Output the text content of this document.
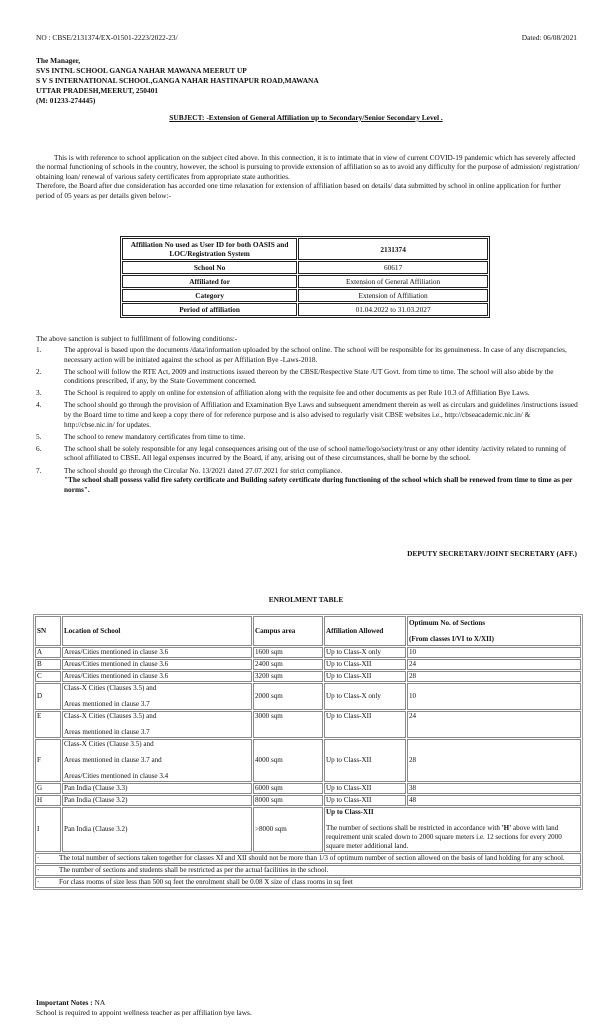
NO : CBSE/2131374/EX-01501-2223/2022-23/	Dated: 06/08/2021
The Manager,
SVS INTNL SCHOOL GANGA NAHAR MAWANA MEERUT UP
S V S INTERNATIONAL SCHOOL,GANGA NAHAR HASTINAPUR ROAD,MAWANA
UTTAR PRADESH,MEERUT, 250401
(M: 01233-274445)
SUBJECT: -Extension of General Affiliation up to Secondary/Senior Secondary Level .
This is with reference to school application on the subject cited above. In this connection, it is to intimate that in view of current COVID-19 pandemic which has severely affected the normal functioning of schools in the country, however, the school is pursuing to provide extension of affiliation so as to avoid any difficulty for the purpose of admission/ registration/ obtaining loan/ renewal of various safety certificates from appropriate state authorities.
Therefore, the Board after due consideration has accorded one time relaxation for extension of affiliation based on details/ data submitted by school in online application for further period of 05 years as per details given below:-
Affiliation No used as User ID for both OASIS and LOC/Registration System	2131374
School No	60617
Affiliated for	Extension of General Affiliation
Category	Extension of Affiliation
Period of affiliation	01.04.2022 to 31.03.2027
The above sanction is subject to fulfillment of following conditions:-
1.	The approval is based upon the documents /data/information uploaded by the school online. The school will be responsible for its genuineness. In case of any discrepancies, necessary action will be initiated against the school as per Affiliation Bye -Laws-2018.
2.	The school will follow the RTE Act, 2009 and instructions issued thereon by the CBSE/Respective State /UT Govt. from time to time. The school will also abide by the conditions prescribed, if any, by the State Government concerned.
3.	The School is required to apply on online for extension of affiliation along with the requisite fee and other documents as per Rule 10.3 of Affiliation Bye Laws.
4.	The school should go through the provision of Affiliation and Examination Bye Laws and subsequent amendment therein as well as circulars and guidelines /instructions issued by the Board time to time and keep a copy there of for reference purpose and is also advised to regularly visit CBSE websites i.e., http://cbseacademic.nic.in/ & http://cbse.nic.in/ for updates.
5.	The school to renew mandatory certificates from time to time.
6.	The school shall be solely responsible for any legal consequences arising out of the use of school name/logo/society/trust or any other identity /activity related to running of school affiliated to CBSE. All legal expenses incurred by the Board, if any, arising out of these circumstances, shall be borne by the school.
7.	The school should go through the Circular No. 13/2021 dated 27.07.2021 for strict compliance.
"The school shall possess valid fire safety certificate and Building safety certificate during functioning of the school which shall be renewed from time to time as per norms".
DEPUTY SECRETARY/JOINT SECRETARY (AFF.)
ENROLMENT TABLE
SN	Location of School	Campus area	Affiliation Allowed	Optimum No. of Sections
(From classes I/VI to X/XII)

A	Areas/Cities mentioned in clause 3.6	1600 sqm	Up to Class-X only	10
B	Areas/Cities mentioned in clause 3.6	2400 sqm	Up to Class-XII	24
C	Areas/Cities mentioned in clause 3.6	3200 sqm	Up to Class-XII	28
D	Class-X Cities (Clauses 3.5) and
Areas mentioned in clause 3.7	2000 sqm	Up to Class-X only	10
E	Class-X Cities (Clauses 3.5) and
Areas mentioned in clause 3.7	3000 sqm	Up to Class-XII	24
F	Class-X Cities (Clause 3.5) and
Areas mentioned in clause 3.7 and
Areas/Cities mentioned in clause 3.4	4000 sqm	Up to Class-XII	28
G	Pan India (Clause 3.3)	6000 sqm	Up to Class-XII	38
H	Pan India (Clause 3.2)	8000 sqm	Up to Class-XII	48
I	Pan India (Clause 3.2)	>8000 sqm	Up to Class-XII
The number of sections shall be restricted in accordance with 'H' above with land requirement unit scaled down to 2000 square meters i.e. 12 sections for every 2000 square meter additional land.	

· The total number of sections taken together for classes XI and XII should not be more than 1/3 of optimum number of section allowed on the basis of land holding for any school.				
· The number of sections and students shall be restricted as per the actual facilities in the school.				
· For class rooms of size less than 500 sq feet the enrolment shall be 0.08 X size of class rooms in sq feet				
Important Notes : NA
School is required to appoint wellness teacher as per affiliation bye laws.
